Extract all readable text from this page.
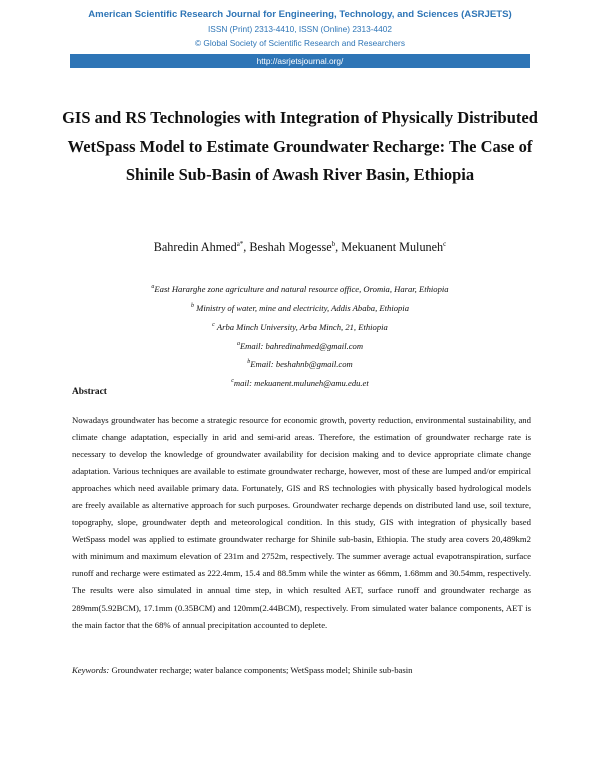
American Scientific Research Journal for Engineering, Technology, and Sciences (ASRJETS)
ISSN (Print) 2313-4410, ISSN (Online) 2313-4402
© Global Society of Scientific Research and Researchers
http://asrjetsjournal.org/
GIS and RS Technologies with Integration of Physically Distributed WetSpass Model to Estimate Groundwater Recharge: The Case of Shinile Sub-Basin of Awash River Basin, Ethiopia
Bahredin Ahmed$^{a*}$, Beshah Mogesse$^b$, Mekuanent Muluneh$^c$
$^a$East Hararghe zone agriculture and natural resource office, Oromia, Harar, Ethiopia
$^b$ Ministry of water, mine and electricity, Addis Ababa, Ethiopia
$^c$ Arba Minch University, Arba Minch, 21, Ethiopia
$^a$Email: bahredinahmed@gmail.com
$^b$Email: beshahnb@gmail.com
$^c$mail: mekuanent.muluneh@amu.edu.et
Abstract
Nowadays groundwater has become a strategic resource for economic growth, poverty reduction, environmental sustainability, and climate change adaptation, especially in arid and semi-arid areas. Therefore, the estimation of groundwater recharge rate is necessary to develop the knowledge of groundwater availability for decision making and to device appropriate climate change adaptation. Various techniques are available to estimate groundwater recharge, however, most of these are lumped and/or empirical approaches which need available primary data. Fortunately, GIS and RS technologies with physically based hydrological models are freely available as alternative approach for such purposes. Groundwater recharge depends on distributed land use, soil texture, topography, slope, groundwater depth and meteorological condition. In this study, GIS with integration of physically based WetSpass model was applied to estimate groundwater recharge for Shinile sub-basin, Ethiopia. The study area covers 20,489km2 with minimum and maximum elevation of 231m and 2752m, respectively. The summer average actual evapotranspiration, surface runoff and recharge were estimated as 222.4mm, 15.4 and 88.5mm while the winter as 66mm, 1.68mm and 30.54mm, respectively. The results were also simulated in annual time step, in which resulted AET, surface runoff and groundwater recharge as 289mm(5.92BCM), 17.1mm (0.35BCM) and 120mm(2.44BCM), respectively. From simulated water balance components, AET is the main factor that the 68% of annual precipitation accounted to deplete.
Keywords: Groundwater recharge; water balance components; WetSpass model; Shinile sub-basin
